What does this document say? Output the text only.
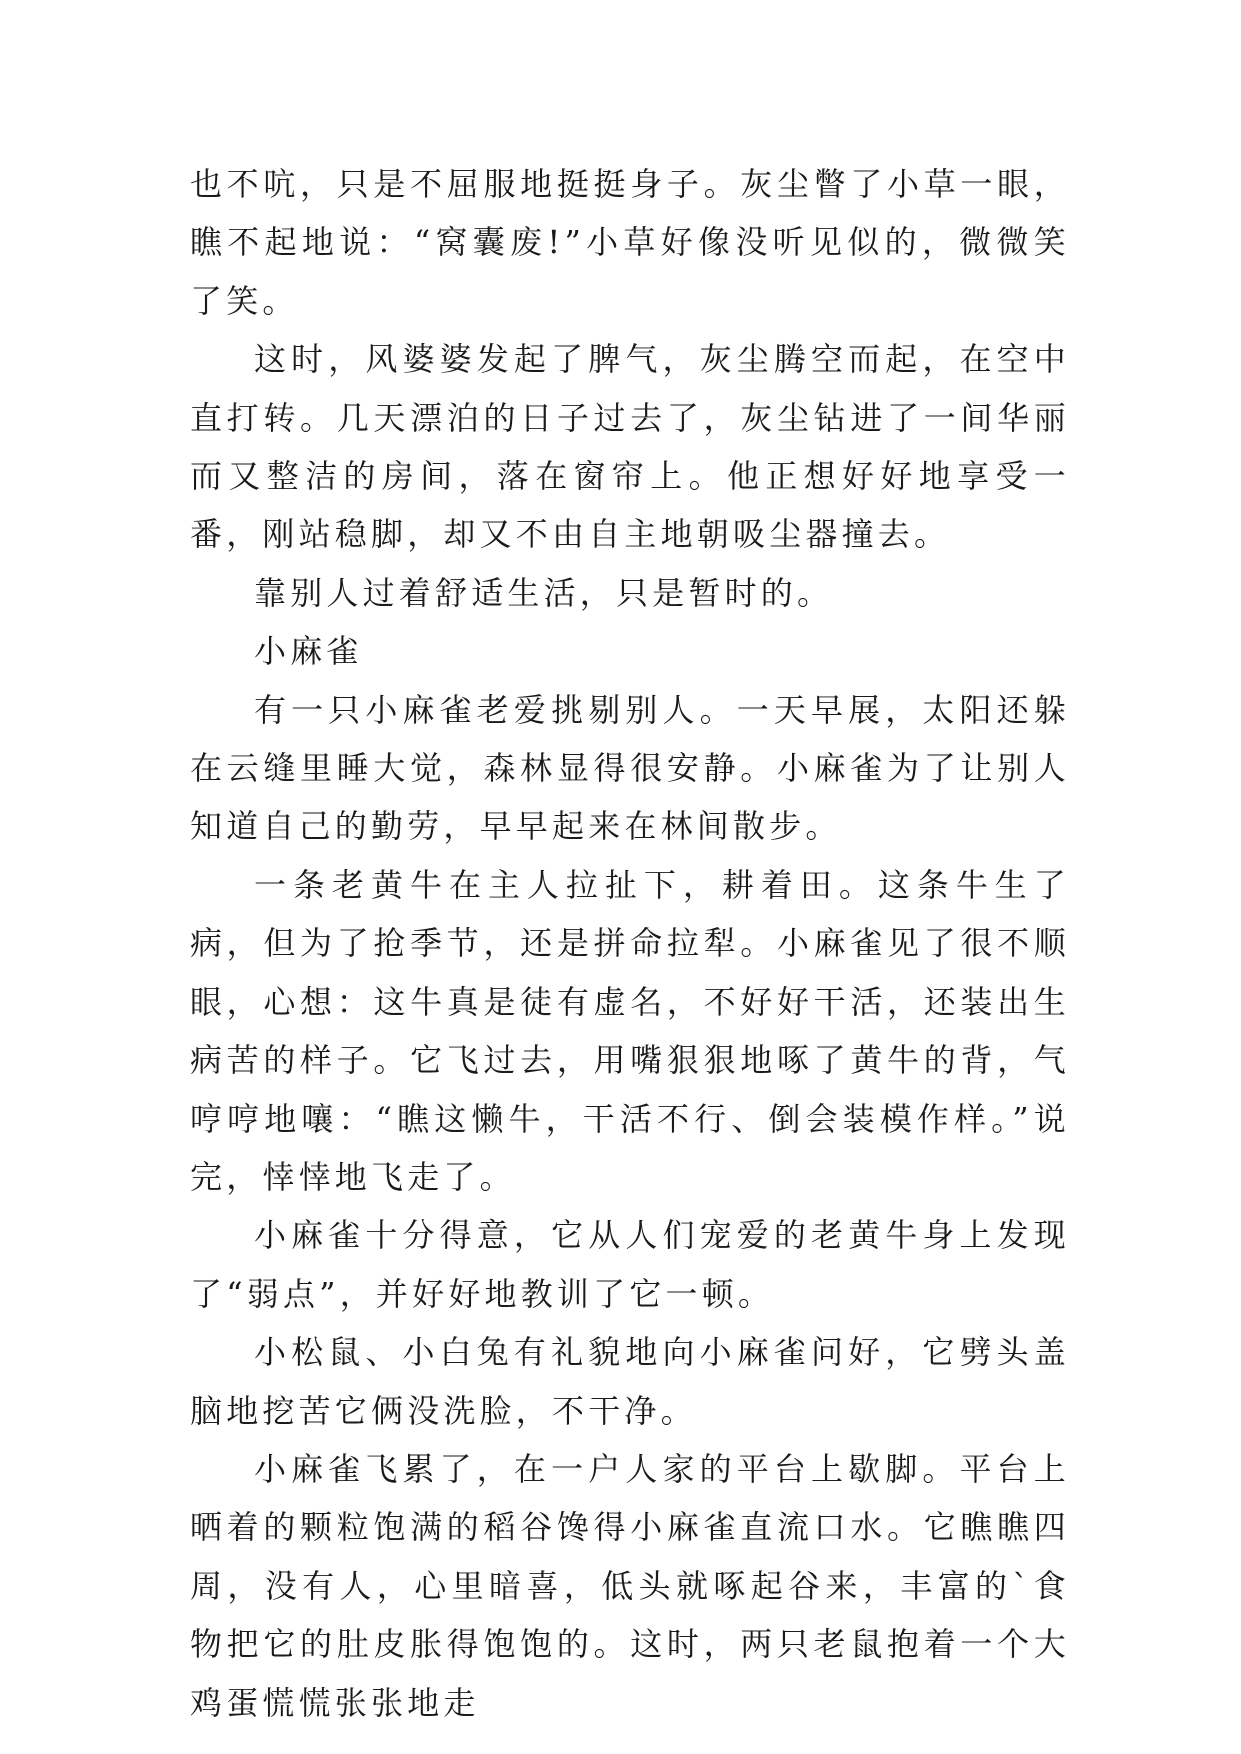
也不吭，只是不屈服地挺挺身子。灰尘瞥了小草一眼，瞧不起地说：“窝囊废!”小草好像没听见似的，微微笑了笑。

这时，风婆婆发起了脾气，灰尘腾空而起，在空中直打转。几天漂泊的日子过去了，灰尘钻进了一间华丽而又整洁的房间，落在窗帘上。他正想好好地享受一番，刚站稳脚，却又不由自主地朝吸尘器撞去。

靠别人过着舒适生活，只是暂时的。

小麻雀

有一只小麻雀老爱挑剔别人。一天早展，太阳还躲在云缝里睡大觉，森林显得很安静。小麻雀为了让别人知道自己的勤劳，早早起来在林间散步。

一条老黄牛在主人拉扯下，耕着田。这条牛生了病，但为了抢季节，还是拼命拉犁。小麻雀见了很不顺眼，心想：这牛真是徒有虚名，不好好干活，还装出生病苦的样子。它飞过去，用嘴狠狠地啄了黄牛的背，气哼哼地嚷：“瞧这懒牛，干活不行、倒会装模作样。”说完，悻悻地飞走了。

小麻雀十分得意，它从人们宠爱的老黄牛身上发现了“弱点”，并好好地教训了它一顿。

小松鼠、小白兔有礼貌地向小麻雀问好，它劈头盖脑地挖苦它俩没洗脸，不干净。

小麻雀飞累了，在一户人家的平台上歇脚。平台上晒着的颗粒饱满的稻谷馋得小麻雀直流口水。它瞧瞧四周，没有人，心里暗喜，低头就啄起谷来，丰富的`食物把它的肚皮胀得饱饱的。这时，两只老鼠抱着一个大鸡蛋慌慌张张地走
